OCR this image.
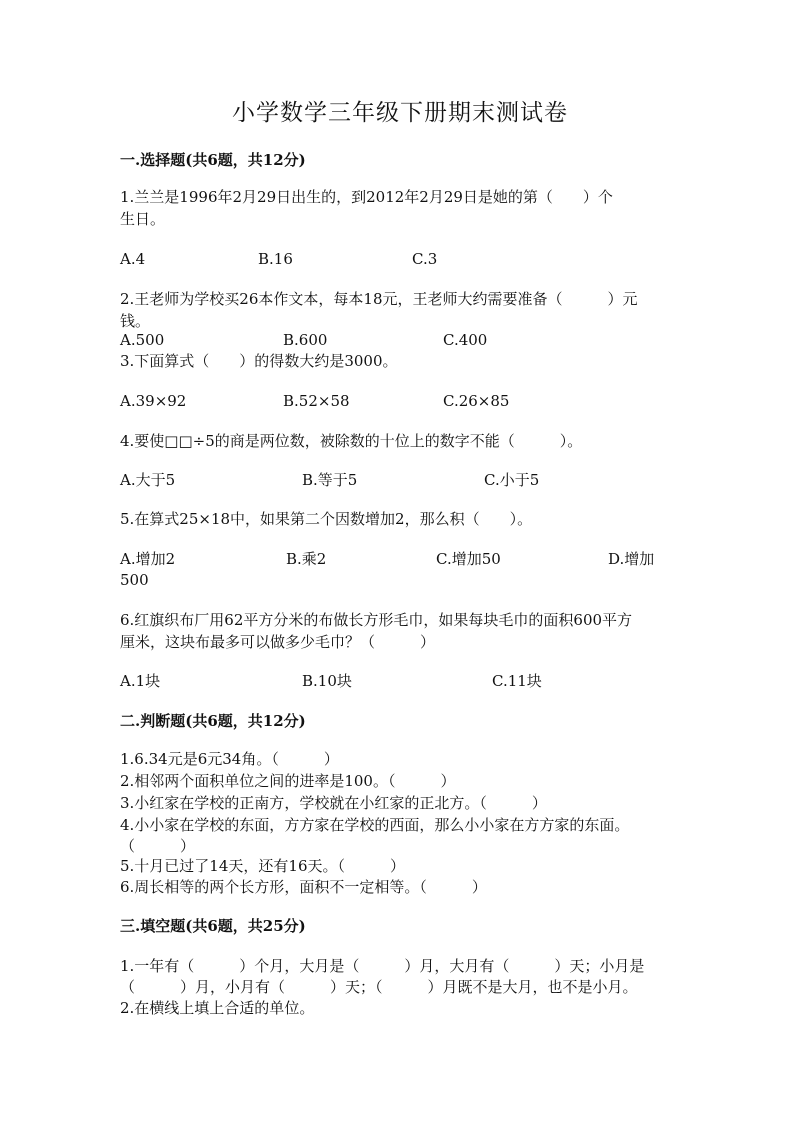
小学数学三年级下册期末测试卷
一.选择题(共6题，共12分)
1.兰兰是1996年2月29日出生的，到2012年2月29日是她的第（　　）个
生日。
A.4	B.16	C.3
2.王老师为学校买26本作文本，每本18元，王老师大约需要准备（　　　）元
钱。
A.500	B.600	C.400
3.下面算式（　　）的得数大约是3000。
A.39×92	B.52×58	C.26×85
4.要使□□÷5的商是两位数，被除数的十位上的数字不能（　　　）。
A.大于5	B.等于5	C.小于5
5.在算式25×18中，如果第二个因数增加2，那么积（　　）。
A.增加2	B.乘2	C.增加50	D.增加
500
6.红旗织布厂用62平方分米的布做长方形毛巾，如果每块毛巾的面积600平方
厘米，这块布最多可以做多少毛巾？（　　　）
A.1块	B.10块	C.11块
二.判断题(共6题，共12分)
1.6.34元是6元34角。（　　　）
2.相邻两个面积单位之间的进率是100。（　　　）
3.小红家在学校的正南方，学校就在小红家的正北方。（　　　）
4.小小家在学校的东面，方方家在学校的西面，那么小小家在方方家的东面。
（　　　）
5.十月已过了14天，还有16天。（　　　）
6.周长相等的两个长方形，面积不一定相等。（　　　）
三.填空题(共6题，共25分)
1.一年有（　　　）个月，大月是（　　　）月，大月有（　　　）天；小月是
（　　　）月，小月有（　　　）天；（　　　）月既不是大月，也不是小月。
2.在横线上填上合适的单位。
